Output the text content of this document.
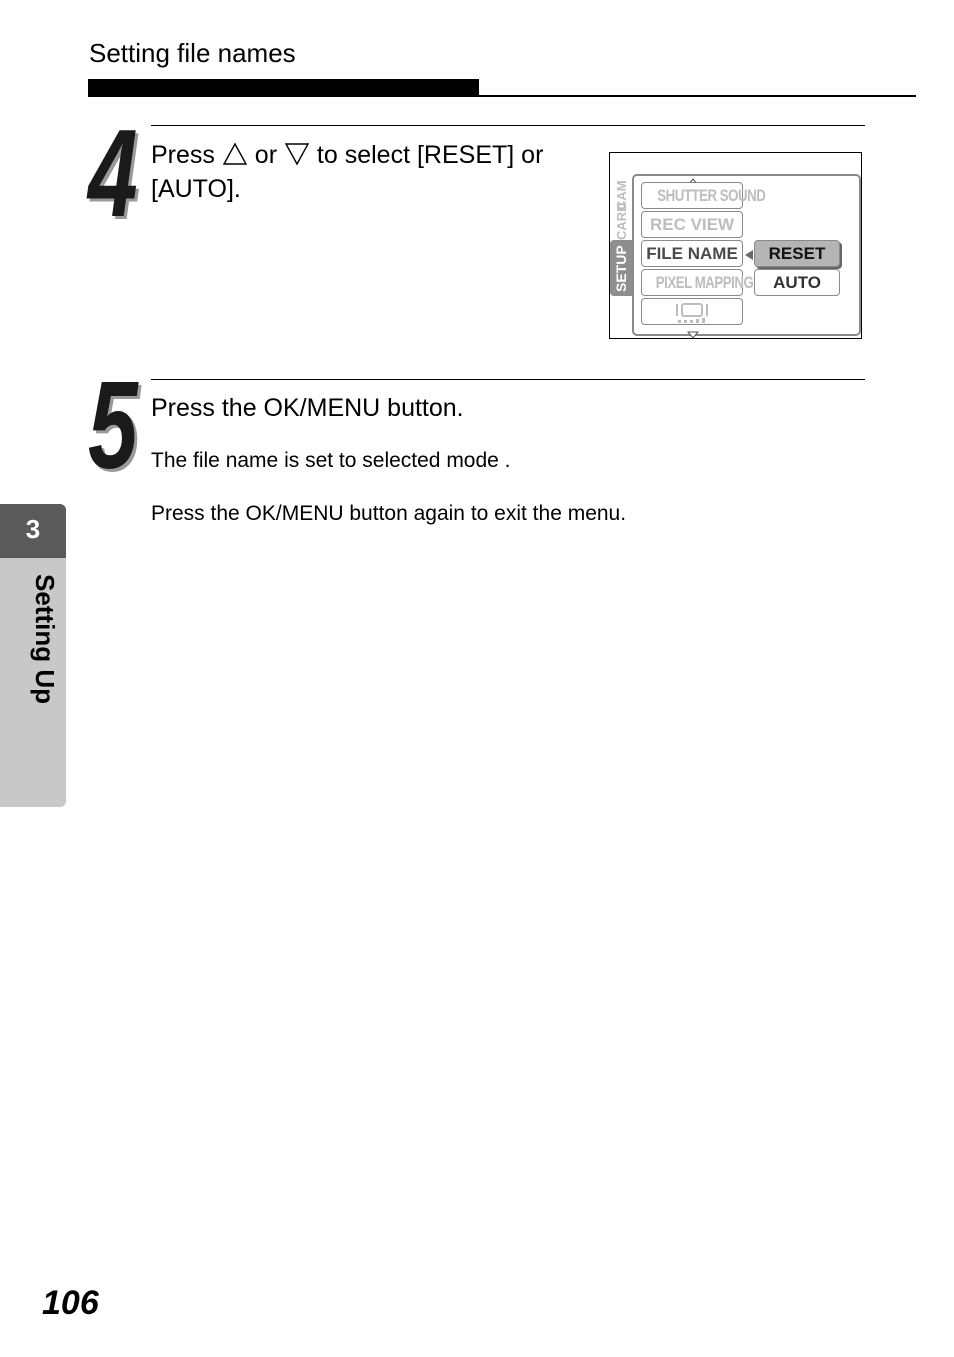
Setting file names
4 Press  or  to select [RESET] or
[AUTO].	CAM
CARD
SETUP
SHUTTER SOUND
REC VIEW
FILE NAME
PIXEL MAPPING
RESET
AUTO
5 Press the OK/MENU button.
The file name is set to selected mode .
Press the OK/MENU button again to exit the menu.
3
Setting Up
106
